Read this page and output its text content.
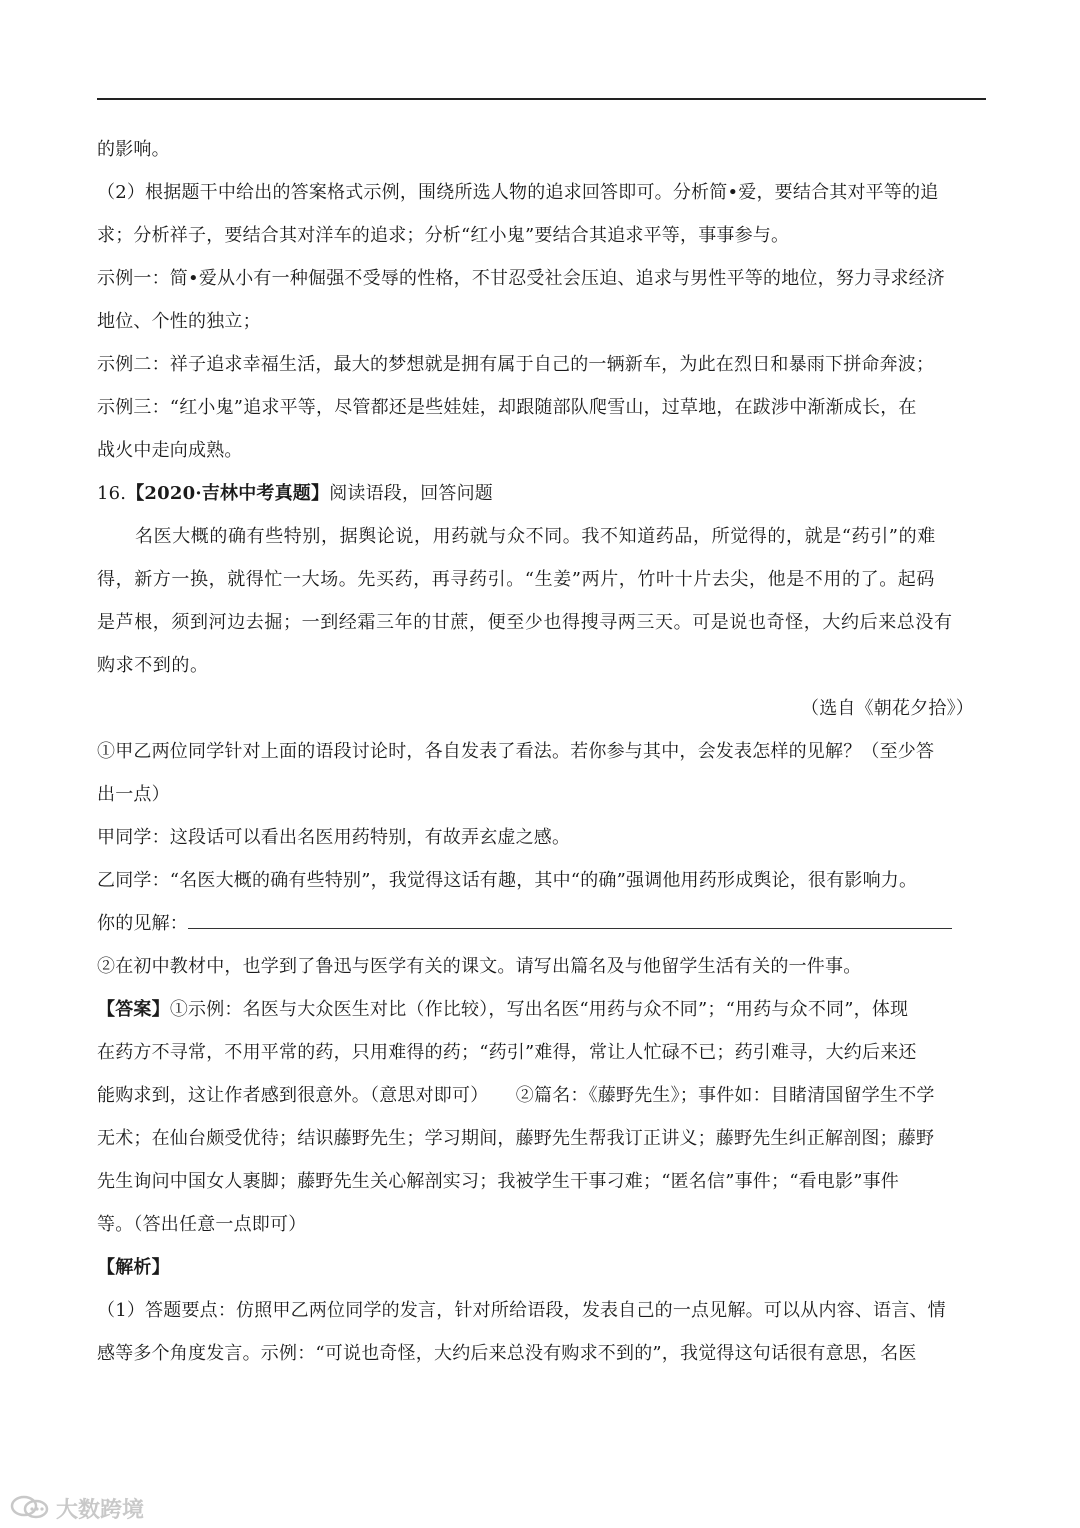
的影响。
（2）根据题干中给出的答案格式示例，围绕所选人物的追求回答即可。分析简•爱，要结合其对平等的追
求；分析祥子，要结合其对洋车的追求；分析“红小鬼”要结合其追求平等，事事参与。
示例一：简•爱从小有一种倔强不受辱的性格，不甘忍受社会压迫、追求与男性平等的地位，努力寻求经济
地位、个性的独立；
示例二：祥子追求幸福生活，最大的梦想就是拥有属于自己的一辆新车，为此在烈日和暴雨下拼命奔波；
示例三：“红小鬼”追求平等，尽管都还是些娃娃，却跟随部队爬雪山，过草地，在跋涉中渐渐成长，在
战火中走向成熟。
16.【2020·吉林中考真题】阅读语段，回答问题
名医大概的确有些特别，据舆论说，用药就与众不同。我不知道药品，所觉得的，就是“药引”的难
得，新方一换，就得忙一大场。先买药，再寻药引。“生姜”两片，竹叶十片去尖，他是不用的了。起码
是芦根，须到河边去掘；一到经霜三年的甘蔗，便至少也得搜寻两三天。可是说也奇怪，大约后来总没有
购求不到的。
（选自《朝花夕拾》）
①甲乙两位同学针对上面的语段讨论时，各自发表了看法。若你参与其中，会发表怎样的见解？（至少答
出一点）
甲同学：这段话可以看出名医用药特别，有故弄玄虚之感。
乙同学：“名医大概的确有些特别”，我觉得这话有趣，其中“的确”强调他用药形成舆论，很有影响力。
你的见解：
②在初中教材中，也学到了鲁迅与医学有关的课文。请写出篇名及与他留学生活有关的一件事。
【答案】①示例：名医与大众医生对比（作比较），写出名医“用药与众不同”；“用药与众不同”，体现
在药方不寻常，不用平常的药，只用难得的药；“药引”难得，常让人忙碌不已；药引难寻，大约后来还
能购求到，这让作者感到很意外。（意思对即可）　　②篇名：《藤野先生》；事件如：目睹清国留学生不学
无术；在仙台颇受优待；结识藤野先生；学习期间，藤野先生帮我订正讲义；藤野先生纠正解剖图；藤野
先生询问中国女人裹脚；藤野先生关心解剖实习；我被学生干事刁难；“匿名信”事件；“看电影”事件
等。（答出任意一点即可）
【解析】
（1）答题要点：仿照甲乙两位同学的发言，针对所给语段，发表自己的一点见解。可以从内容、语言、情
感等多个角度发言。示例：“可说也奇怪，大约后来总没有购求不到的”，我觉得这句话很有意思，名医
大数跨境
